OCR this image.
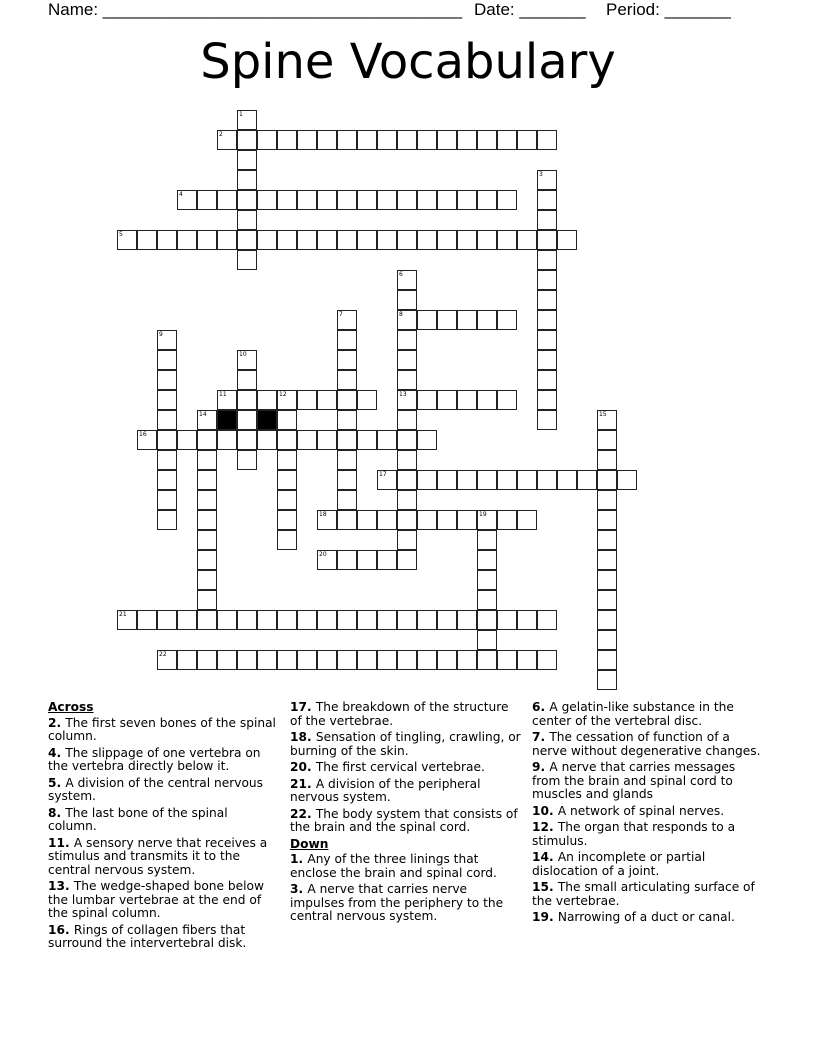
Name: ______________________________________ Date: _______ Period: _______
Spine Vocabulary
1
2
3
4
5
6
8
13
7
9
10
11	12
14	15
16
17
18	19
20
21
22
Across
2. The first seven bones of the spinal column.
4. The slippage of one vertebra on the vertebra directly below it.
5. A division of the central nervous system.
8. The last bone of the spinal column.
11. A sensory nerve that receives a stimulus and transmits it to the central nervous system.
13. The wedge-shaped bone below the lumbar vertebrae at the end of the spinal column.
16. Rings of collagen fibers that surround the intervertebral disk.
17. The breakdown of the structure of the vertebrae.
18. Sensation of tingling, crawling, or burning of the skin.
20. The first cervical vertebrae.
21. A division of the peripheral nervous system.
22. The body system that consists of the brain and the spinal cord.
Down
1. Any of the three linings that enclose the brain and spinal cord.
3. A nerve that carries nerve impulses from the periphery to the central nervous system.
6. A gelatin-like substance in the center of the vertebral disc.
7. The cessation of function of a nerve without degenerative changes.
9. A nerve that carries messages from the brain and spinal cord to muscles and glands
10. A network of spinal nerves.
12. The organ that responds to a stimulus.
14. An incomplete or partial dislocation of a joint.
15. The small articulating surface of the vertebrae.
19. Narrowing of a duct or canal.
